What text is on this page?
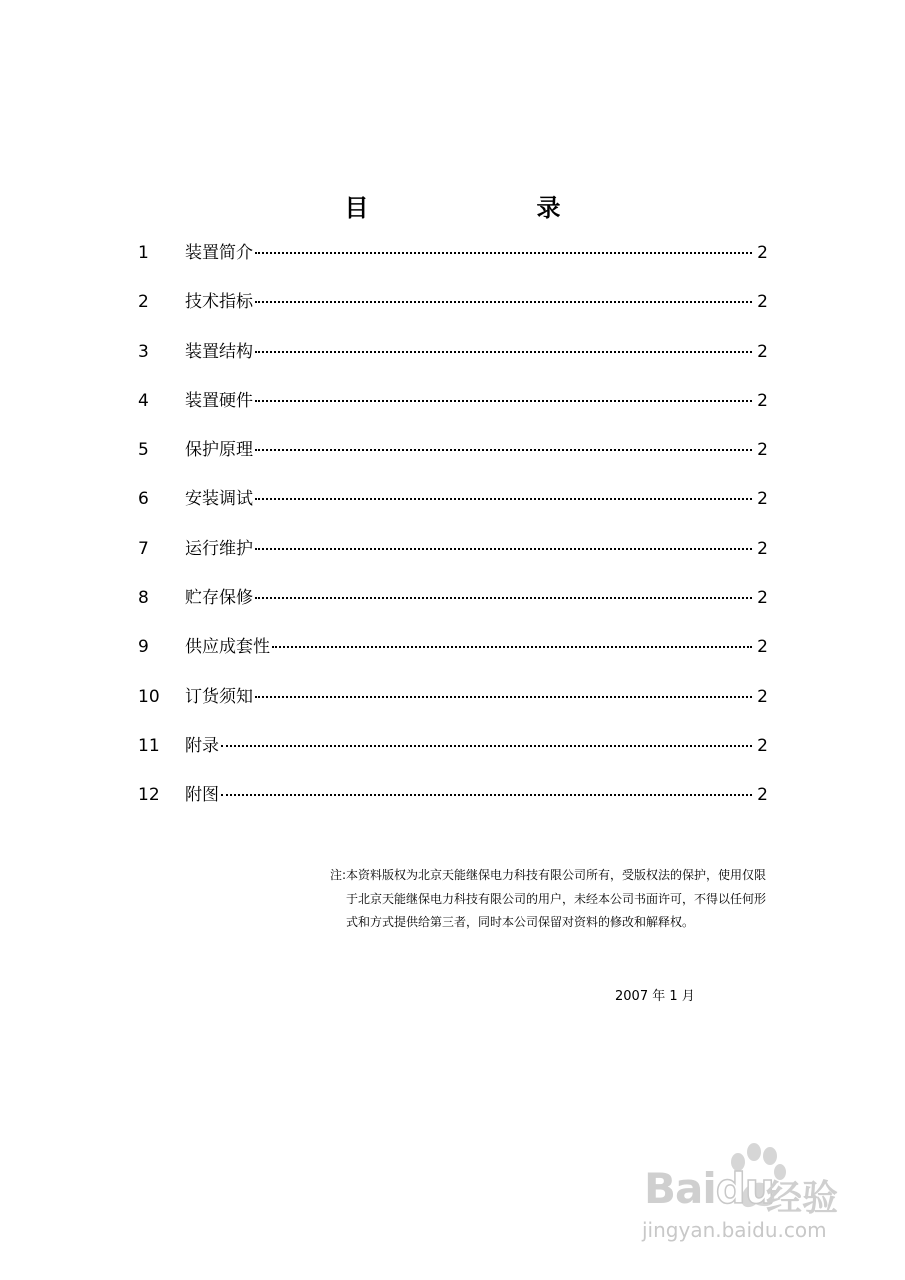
目　　录
1	装置简介	2
2	技术指标	2
3	装置结构	2
4	装置硬件	2
5	保护原理	2
6	安装调试	2
7	运行维护	2
8	贮存保修	2
9	供应成套性	2
10	订货须知	2
11	附录	2
12	附图	2
注: 本资料版权为北京天能继保电力科技有限公司所有，受版权法的保护，使用仅限于北京天能继保电力科技有限公司的用户，未经本公司书面许可，不得以任何形式和方式提供给第三者，同时本公司保留对资料的修改和解释权。

2007 年 1 月
Baidu
经验
jingyan.baidu.com
